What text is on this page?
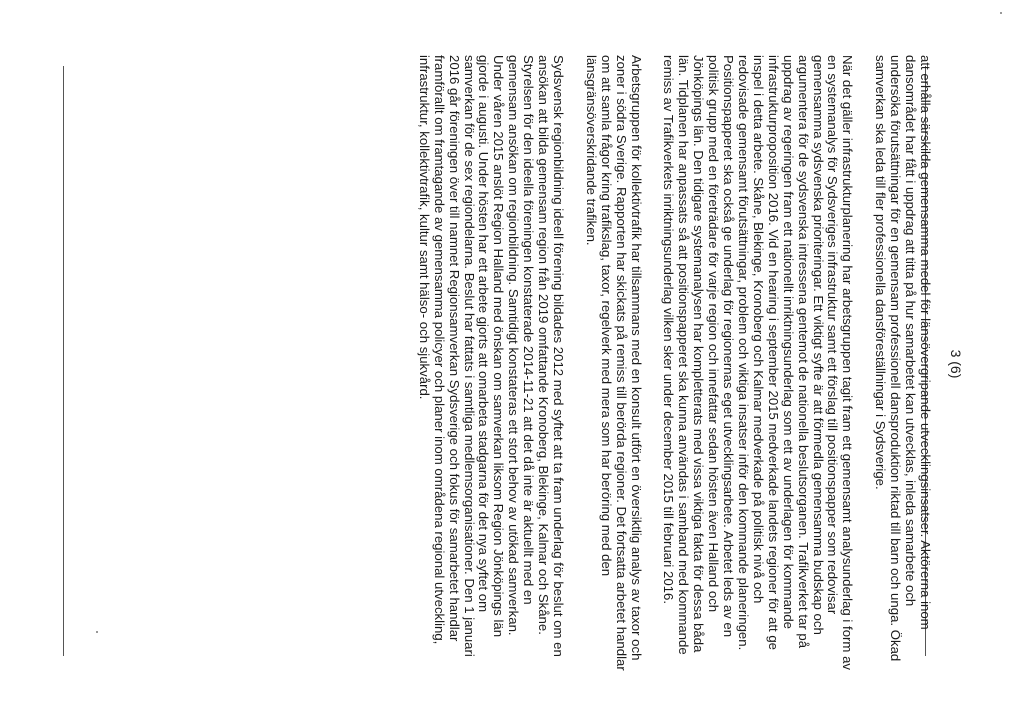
3 (6)

att erhålla särskilda gemensamma medel för länsövergripande utvecklingsinsatser. Aktörerna inom dansområdet har fått i uppdrag att titta på hur samarbetet kan utvecklas, inleda samarbete och undersöka förutsättningar för en gemensam professionell dansproduktion riktad till barn och unga. Ökad samverkan ska leda till fler professionella dansföreställningar i Sydsverige.

När det gäller infrastrukturplanering har arbetsgruppen tagit fram ett gemensamt analysunderlag i form av en systemanalys för Sydsveriges infrastruktur samt ett förslag till positionspapper som redovisar gemensamma sydsvenska prioriteringar. Ett viktigt syfte är att förmedla gemensamma budskap och argumentera för de sydsvenska intressena gentemot de nationella beslutsorganen. Trafikverket tar på uppdrag av regeringen fram ett nationellt inriktningsunderlag som ett av underlagen för kommande infrastrukturproposition 2016. Vid en hearing i september 2015 medverkade landets regioner för att ge inspel i detta arbete. Skåne, Blekinge, Kronoberg och Kalmar medverkade på politisk nivå och redovisade gemensamt förutsättningar, problem och viktiga insatser inför den kommande planeringen. Positionspapperet ska också ge underlag för regionernas eget utvecklingsarbete. Arbetet leds av en politisk grupp med en företrädare för varje region och innefattar sedan hösten även Halland och Jönköpings län. Den tidigare systemanalysen har kompletterats med vissa viktiga fakta för dessa båda län. Tidplanen har anpassats så att positionspapperet ska kunna användas i samband med kommande remiss av Trafikverkets inriktningsunderlag vilken sker under december 2015 till februari 2016.

Arbetsgruppen för kollektivtrafik har tillsammans med en konsult utfört en översiktlig analys av taxor och zoner i södra Sverige. Rapporten har skickats på remiss till berörda regioner. Det fortsatta arbetet handlar om att samla frågor kring trafikslag, taxor, regelverk med mera som har beröring med den länsgränsöverskridande trafiken.

Sydsvensk regionbildning ideell förening bildades 2012 med syftet att ta fram underlag för beslut om en ansökan att bilda gemensam region från 2019 omfattande Kronoberg, Blekinge, Kalmar och Skåne. Styrelsen för den ideella föreningen konstaterade 2014-11-21 att det då inte är aktuellt med en gemensam ansökan om regionbildning. Samtidigt konstateras ett stort behov av utökad samverkan. Under våren 2015 anslöt Region Halland med önskan om samverkan liksom Region Jönköpings län gjorde i augusti. Under hösten har ett arbete gjorts att omarbeta stadgarna för det nya syftet om samverkan för de sex regiondelarna. Beslut har fattats i samtliga medlemsorganisationer. Den 1 januari 2016 går föreningen över till namnet Regionsamverkan Sydsverige och fokus för samarbetet handlar framförallt om framtagande av gemensamma policyer och planer inom områdena regional utveckling, infrastruktur, kollektivtrafik, kultur samt hälso- och sjukvård.
